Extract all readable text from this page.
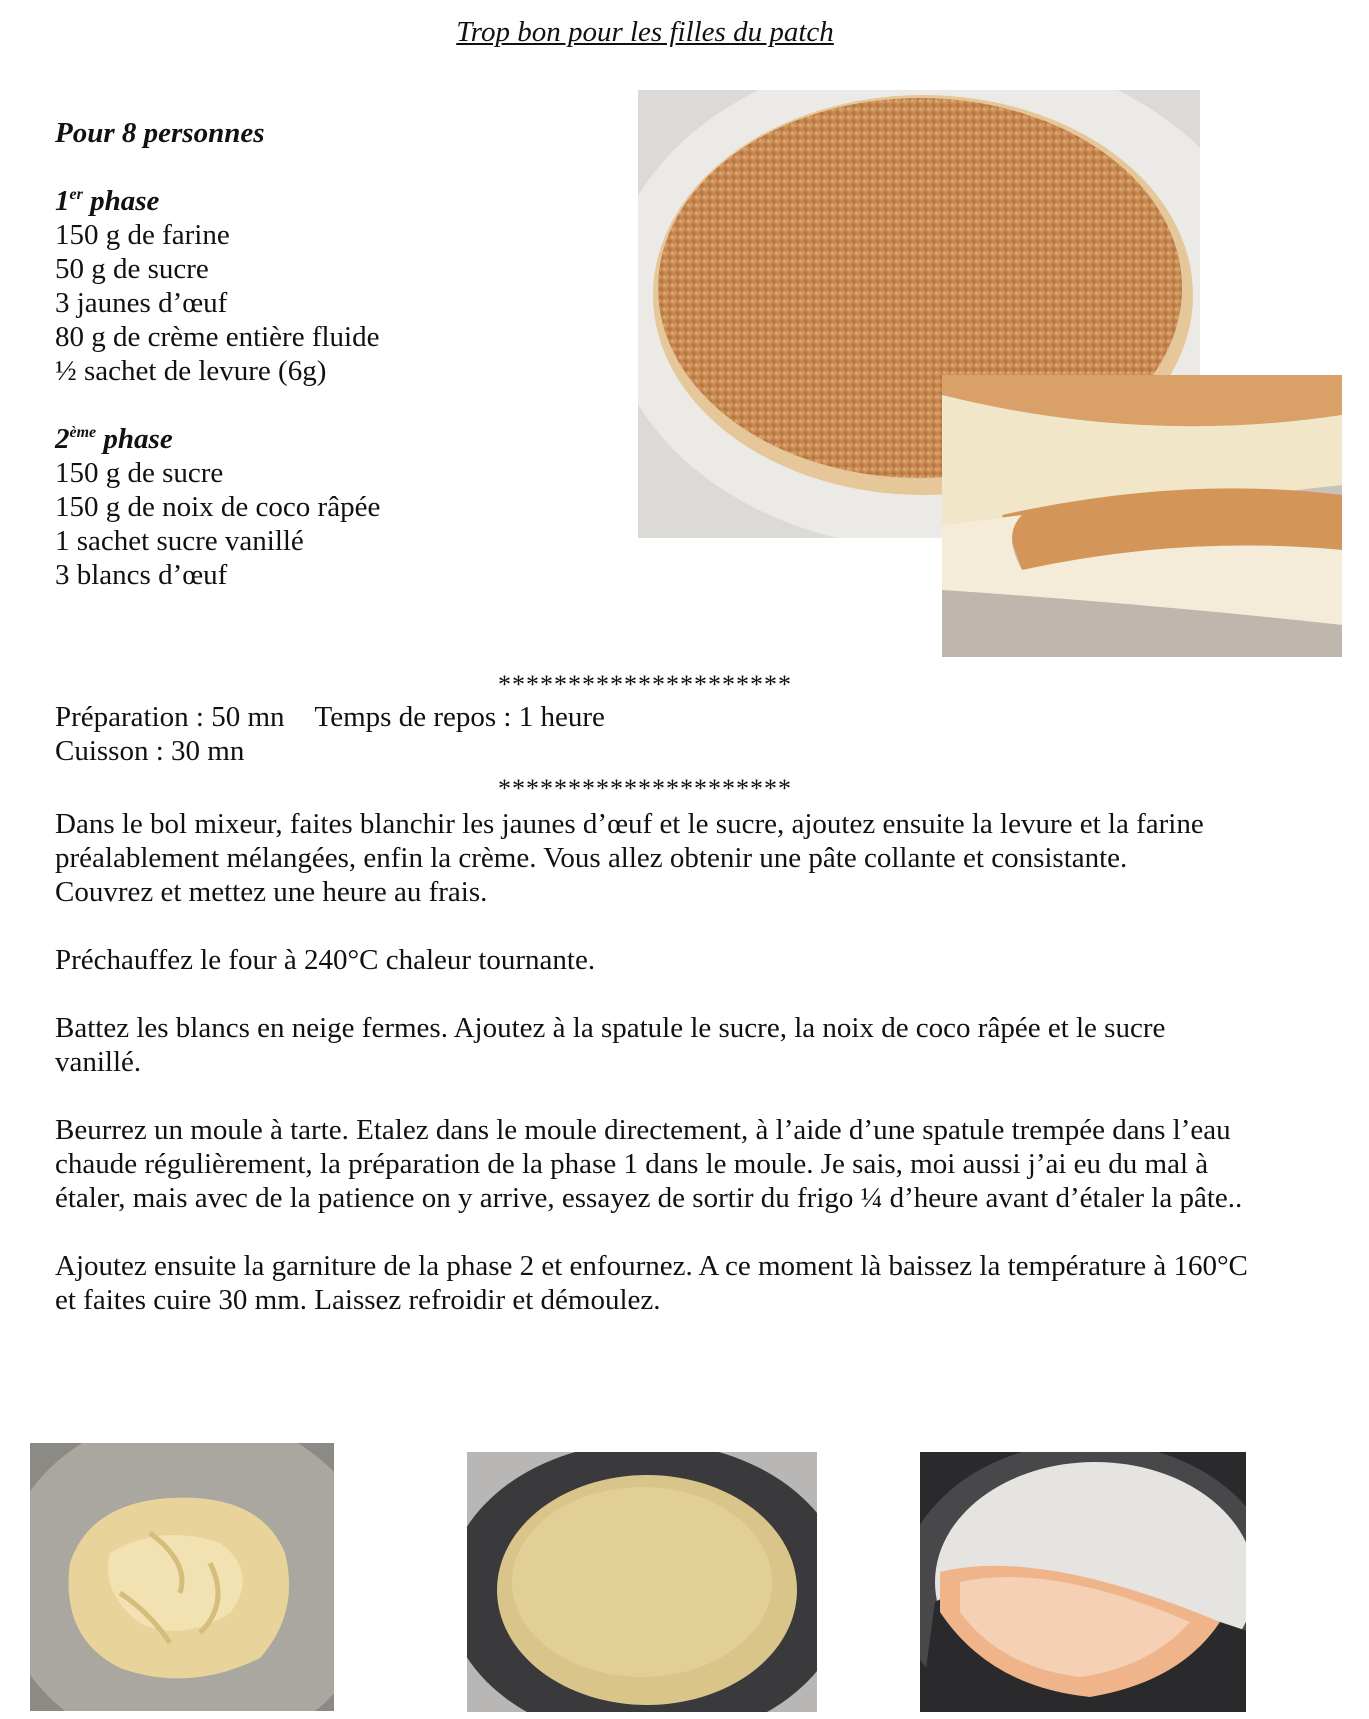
Trop bon pour les filles du patch
Pour 8 personnes
1er phase
150 g de farine
50 g de sucre
3 jaunes d’œuf
80 g de crème entière fluide
½ sachet de levure (6g)
2ème phase
150 g de sucre
150 g de noix de coco râpée
1 sachet sucre vanillé
3 blancs d’œuf
*********************
Préparation : 50 mn Temps de repos : 1 heure
Cuisson : 30 mn
*********************
Dans le bol mixeur, faites blanchir les jaunes d’œuf et le sucre, ajoutez ensuite la levure et la farine préalablement mélangées, enfin la crème. Vous allez obtenir une pâte collante et consistante.

Couvrez et mettez une heure au frais.

Préchauffez le four à 240°C chaleur tournante.

Battez les blancs en neige fermes. Ajoutez à la spatule le sucre, la noix de coco râpée et le sucre vanillé.

Beurrez un moule à tarte. Etalez dans le moule directement, à l’aide d’une spatule trempée dans l’eau chaude régulièrement, la préparation de la phase 1 dans le moule. Je sais, moi aussi j’ai eu du mal à étaler, mais avec de la patience on y arrive, essayez de sortir du frigo ¼ d’heure avant d’étaler la pâte..

Ajoutez ensuite la garniture de la phase 2 et enfournez. A ce moment là baissez la température à 160°C et faites cuire 30 mm. Laissez refroidir et démoulez.
